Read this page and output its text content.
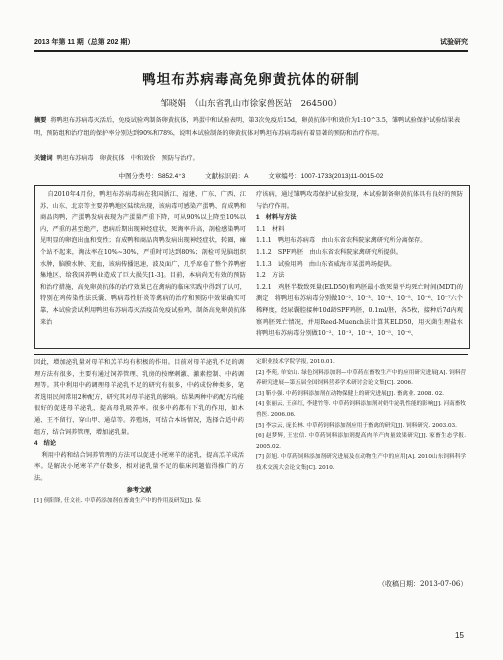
2013 年第 11 期（总第 202 期）	试验研究
鸭坦布苏病毒高免卵黄抗体的研制
邹晓娟　（山东省乳山市徐家兽医站　264500）
摘要 将鸭坦布苏病毒灭活后，免疫试验鸡制备卵黄抗体，鸡蛋中和试验表明，第3次免疫后15d，卵黄抗体中和效价为1:10^3.5，雏鸭试验保护试验结果表明，预防组和治疗组的保护率分别达到90%和78%，说明本试验制备的卵黄抗体对鸭坦布苏病毒病有着显著的预防和治疗作用。
关键词 鸭坦布苏病毒　卵黄抗体　中和效价　预防与治疗。
中图分类号：S852.4⁺3	文献标识码：A	文章编号：1007-1733(2013)11-0015-02

自2010年4月份，鸭坦布苏病毒病在我国浙江、福建、广东、广西、江苏、山东、北京等主要养鸭地区陆续出现，该病毒可感染产蛋鸭、育成鸭和商品肉鸭，产蛋鸭发病表现为产蛋量严重下降，可从90%以上降至10%以内，严重的甚至绝产，患病后期出现神经症状，死淘率升高，剖检感染鸭可见明显的卵泡出血和变性；育成鸭和商品肉鸭发病出现神经症状，转圈，瘫个站不起来，淘汰率在10%~30%，严重时可达到80%；剖检可见脑组织水肿，脑膜水肿、充血，该病传播迅速，波及面广，几乎席卷了整个养鸭密集地区，给我国养鸭业造成了巨大损失[1-3]。目前，本病尚无有效的预防和治疗措施，高免卵黄抗体的治疗效果已在禽病的临床实践中得到了认可，特别在鸡传染性法氏囊、鸭病毒性肝炎等禽病的治疗和预防中效果确实可靠，本试验尝试利用鸭坦布苏病毒灭活疫苗免疫试验鸡，制备高免卵黄抗体来治

疗该病，通过雏鸭攻毒保护试验发现，本试验制备卵黄抗体具有良好的预防与治疗作用。

1　材料与方法

1.1　材料

1.1.1　鸭坦布苏病毒　由山东省农科院家禽研究所分离保存。

1.1.2　SPF鸡胚　由山东省农科院家禽研究所提供。

1.1.3　试验用鸡　由山东省威海市某蛋鸡场提供。

1.2　方法

1.2.1　鸡胚半数致死量(ELD50)和鸡胚最小致死量平均死亡时间(MDT)的测定　将鸭坦布苏病毒分别做10⁻²、10⁻³、10⁻⁴、10⁻⁵、10⁻⁶、10⁻⁷六个稀释度，经尿囊腔接种10d龄SPF鸡胚，0.1ml/胚，各5枚，接种后7d内观察鸡胚死亡情况，并用Reed-Muench法计算其ELD50，用灭菌生理盐水将鸭坦布苏病毒分别做10⁻²、10⁻³、10⁻⁴、10⁻⁵、10⁻⁶、

因此，增加泌乳量对母羊和羔羊均有积极的作用。目前对母羊泌乳不足的调理方法有很多，主要有通过饲养管理、乳房的按摩刺激、激素控制、中药调理等。其中利用中药调理母羊泌乳不足的研究有很多，中药成份种类多，笔者选用民间常用2种配方，研究其对母羊泌乳的影响。结果两种中药配方均能很好的促进母羊泌乳，提高母乳吸养率。很多中药都有下乳的作用，如木通、王不留行、穿山甲、通草等。养殖场，可结合本场情况，选择合适中药组方，结合饲养管理，增加泌乳量。

4　结论

利用中药和结合饲养管理的方法可以促进小尾寒羊的泌乳，提高羔羊成活率。是解决小尾寒羊产仔数多，相对泌乳量不足的临床问题值得推广的方法。

参考文献

[1] 侯阳锋, 任文社. 中草药添加剂在畜禽生产中的作用及研发[J]. 保

定职业技术学院学报, 2010.01.

[2] 李苑, 单安山. 绿色饲料添加剂—中草药在畜牧生产中的应用研究进展[A]. 饲料营养研究进展—第五届全国饲料营养学术研讨会论文集[C]. 2006.

[3] 靳小强. 中药饲料添加剂在动物保健上的研究进展[J]. 畜禽业. 2008. 02.

[4] 张丽云, 王彦红, 李建竹等. 中草药饲料添加剂对奶牛泌乳性能的影响[J]. 河南畜牧兽医. 2006.06.

[5] 李宗云, 庞长林. 中草药饲料添加剂应用于畜禽的研究[J]. 饲料研究. 2003.03.

[6] 赵梦辉, 王宏信. 中草药饲料添加剂提高肉羊产肉量效果研究[J]. 家畜生态学报. 2005.02.

[7] 彭旭. 中草药饲料添加剂研究进展及在动物生产中的应用[A]. 2010山东饲料科学技术交流大会论文集[C]. 2010.

（收稿日期：2013-07-06）
15
